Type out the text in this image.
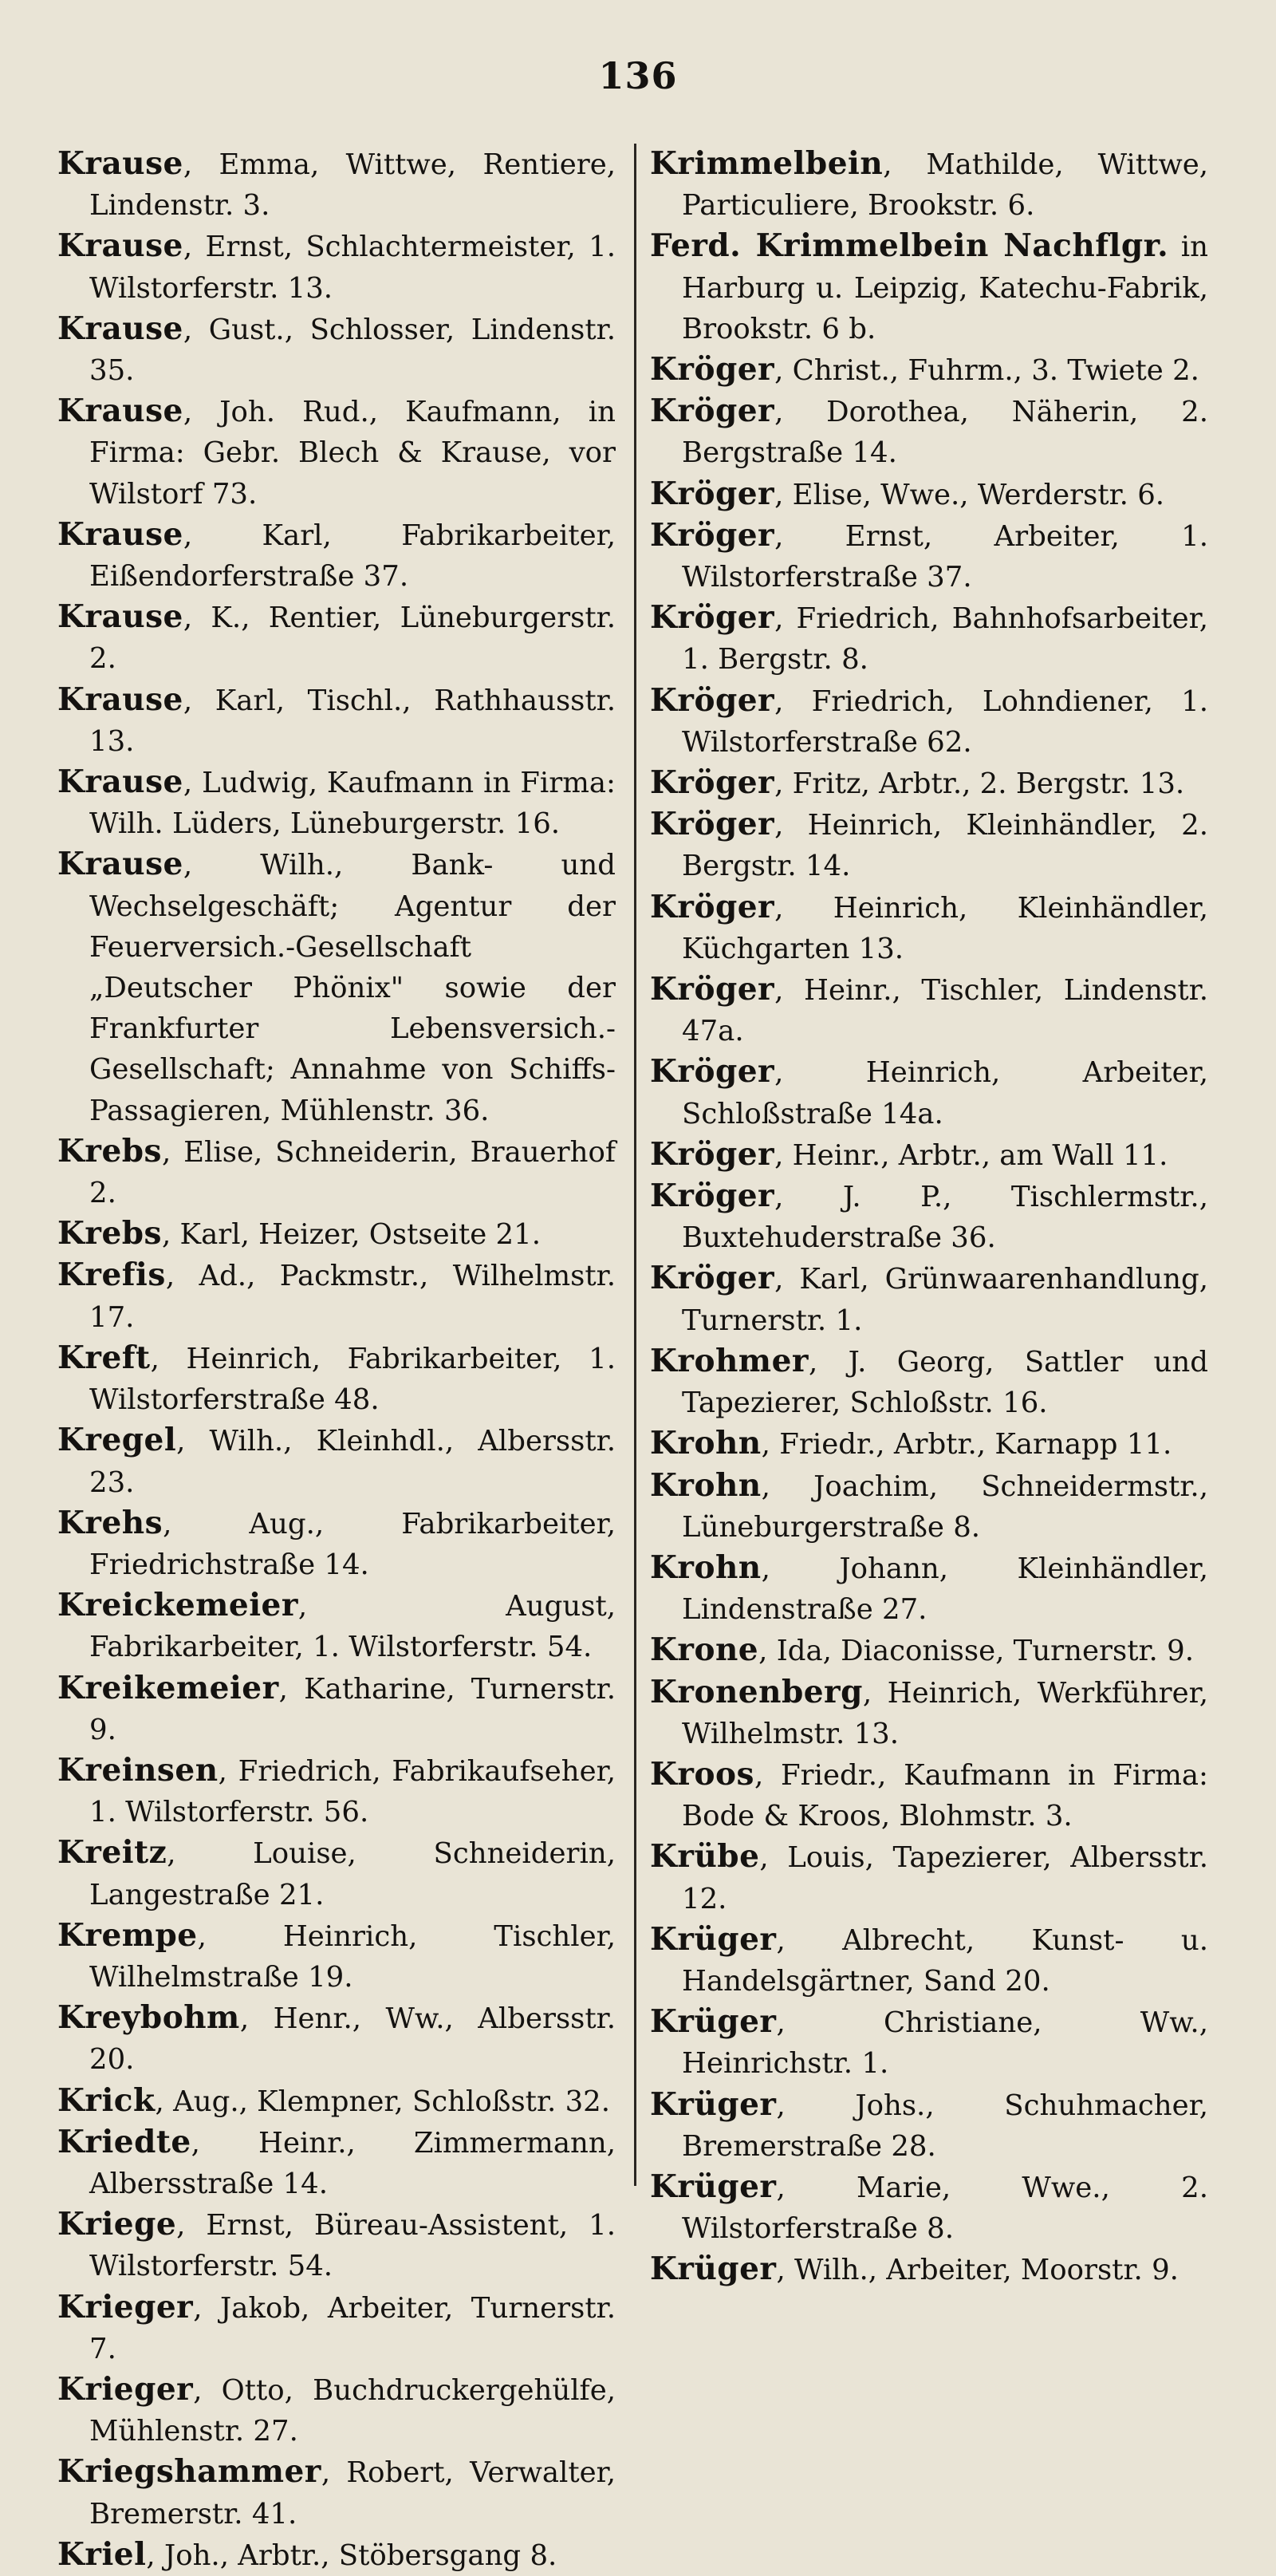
136
Krause, Emma, Wittwe, Rentiere, Lindenstr. 3.
Krause, Ernst, Schlachtermeister, 1. Wilstorferstr. 13.
Krause, Gust., Schlosser, Lindenstr. 35.
Krause, Joh. Rud., Kaufmann, in Firma: Gebr. Blech & Krause, vor Wilstorf 73.
Krause, Karl, Fabrikarbeiter, Eißendorferstraße 37.
Krause, K., Rentier, Lüneburgerstr. 2.
Krause, Karl, Tischl., Rathhausstr. 13.
Krause, Ludwig, Kaufmann in Firma: Wilh. Lüders, Lüneburgerstr. 16.
Krause, Wilh., Bank- und Wechselgeschäft; Agentur der Feuerversich.-Gesellschaft „Deutscher Phönix" sowie der Frankfurter Lebensversich.-Gesellschaft; Annahme von Schiffs-Passagieren, Mühlenstr. 36.
Krebs, Elise, Schneiderin, Brauerhof 2.
Krebs, Karl, Heizer, Ostseite 21.
Krefis, Ad., Packmstr., Wilhelmstr. 17.
Kreft, Heinrich, Fabrikarbeiter, 1. Wilstorferstraße 48.
Kregel, Wilh., Kleinhdl., Albersstr. 23.
Krehs, Aug., Fabrikarbeiter, Friedrichstraße 14.
Kreickemeier, August, Fabrikarbeiter, 1. Wilstorferstr. 54.
Kreikemeier, Katharine, Turnerstr. 9.
Kreinsen, Friedrich, Fabrikaufseher, 1. Wilstorferstr. 56.
Kreitz, Louise, Schneiderin, Langestraße 21.
Krempe, Heinrich, Tischler, Wilhelmstraße 19.
Kreybohm, Henr., Ww., Albersstr. 20.
Krick, Aug., Klempner, Schloßstr. 32.
Kriedte, Heinr., Zimmermann, Albersstraße 14.
Kriege, Ernst, Büreau-Assistent, 1. Wilstorferstr. 54.
Krieger, Jakob, Arbeiter, Turnerstr. 7.
Krieger, Otto, Buchdruckergehülfe, Mühlenstr. 27.
Kriegshammer, Robert, Verwalter, Bremerstr. 41.
Kriel, Joh., Arbtr., Stöbersgang 8.
Krimmelbein, Mathilde, Wittwe, Particuliere, Brookstr. 6.
Ferd. Krimmelbein Nachflgr. in Harburg u. Leipzig, Katechu-Fabrik, Brookstr. 6 b.
Kröger, Christ., Fuhrm., 3. Twiete 2.
Kröger, Dorothea, Näherin, 2. Bergstraße 14.
Kröger, Elise, Wwe., Werderstr. 6.
Kröger, Ernst, Arbeiter, 1. Wilstorferstraße 37.
Kröger, Friedrich, Bahnhofsarbeiter, 1. Bergstr. 8.
Kröger, Friedrich, Lohndiener, 1. Wilstorferstraße 62.
Kröger, Fritz, Arbtr., 2. Bergstr. 13.
Kröger, Heinrich, Kleinhändler, 2. Bergstr. 14.
Kröger, Heinrich, Kleinhändler, Küchgarten 13.
Kröger, Heinr., Tischler, Lindenstr. 47a.
Kröger, Heinrich, Arbeiter, Schloßstraße 14a.
Kröger, Heinr., Arbtr., am Wall 11.
Kröger, J. P., Tischlermstr., Buxtehuderstraße 36.
Kröger, Karl, Grünwaarenhandlung, Turnerstr. 1.
Krohmer, J. Georg, Sattler und Tapezierer, Schloßstr. 16.
Krohn, Friedr., Arbtr., Karnapp 11.
Krohn, Joachim, Schneidermstr., Lüneburgerstraße 8.
Krohn, Johann, Kleinhändler, Lindenstraße 27.
Krone, Ida, Diaconisse, Turnerstr. 9.
Kronenberg, Heinrich, Werkführer, Wilhelmstr. 13.
Kroos, Friedr., Kaufmann in Firma: Bode & Kroos, Blohmstr. 3.
Krübe, Louis, Tapezierer, Albersstr. 12.
Krüger, Albrecht, Kunst- u. Handelsgärtner, Sand 20.
Krüger, Christiane, Ww., Heinrichstr. 1.
Krüger, Johs., Schuhmacher, Bremerstraße 28.
Krüger, Marie, Wwe., 2. Wilstorferstraße 8.
Krüger, Wilh., Arbeiter, Moorstr. 9.
